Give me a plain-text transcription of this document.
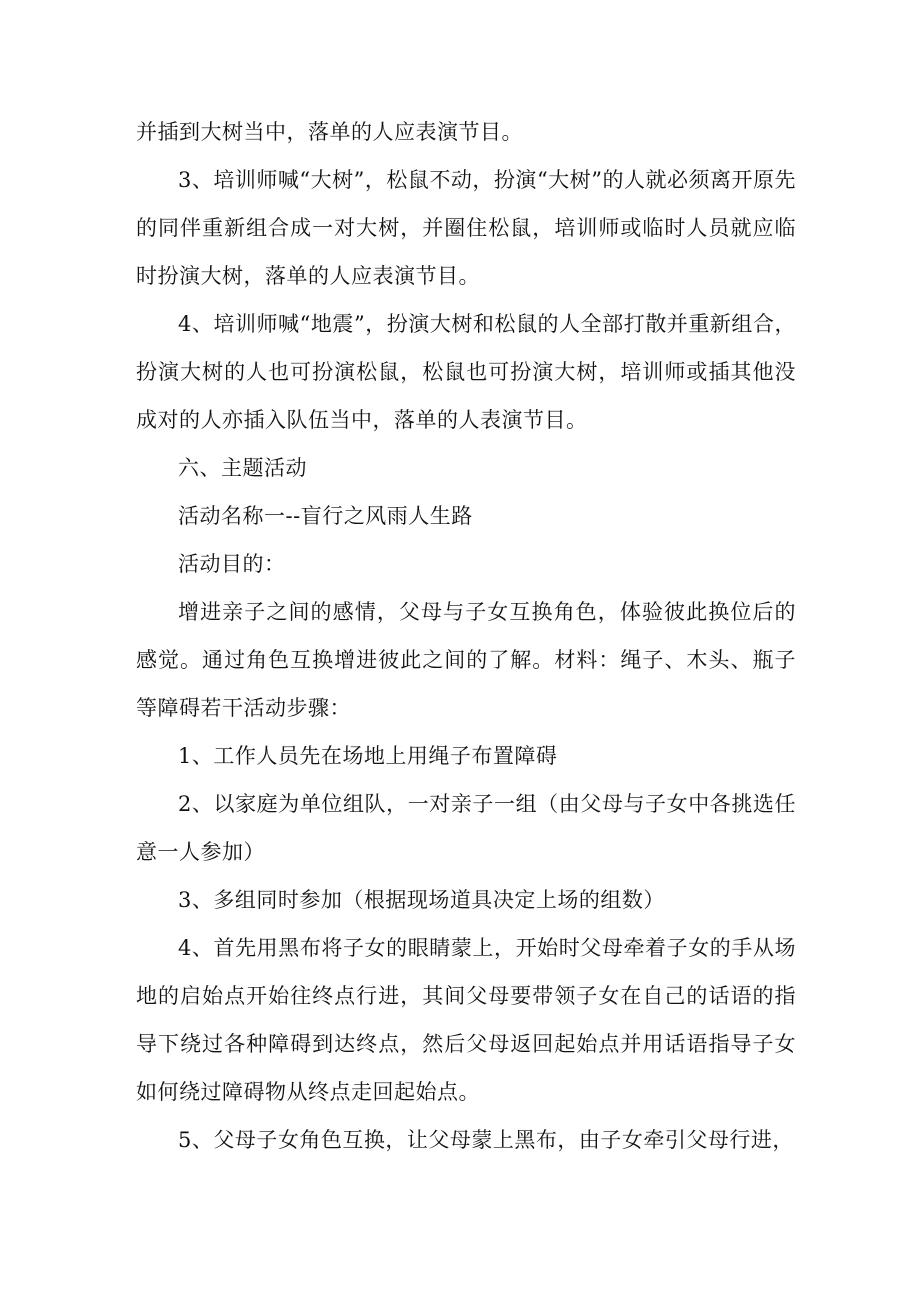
并插到大树当中，落单的人应表演节目。

3、培训师喊“大树”，松鼠不动，扮演“大树”的人就必须离开原先的同伴重新组合成一对大树，并圈住松鼠，培训师或临时人员就应临时扮演大树，落单的人应表演节目。

4、培训师喊“地震”，扮演大树和松鼠的人全部打散并重新组合，扮演大树的人也可扮演松鼠，松鼠也可扮演大树，培训师或插其他没成对的人亦插入队伍当中，落单的人表演节目。

六、主题活动

活动名称一--盲行之风雨人生路

活动目的：

增进亲子之间的感情，父母与子女互换角色，体验彼此换位后的感觉。通过角色互换增进彼此之间的了解。材料：绳子、木头、瓶子等障碍若干活动步骤：

1、工作人员先在场地上用绳子布置障碍

2、以家庭为单位组队，一对亲子一组（由父母与子女中各挑选任意一人参加）

3、多组同时参加（根据现场道具决定上场的组数）

4、首先用黑布将子女的眼睛蒙上，开始时父母牵着子女的手从场地的启始点开始往终点行进，其间父母要带领子女在自己的话语的指导下绕过各种障碍到达终点，然后父母返回起始点并用话语指导子女如何绕过障碍物从终点走回起始点。

5、父母子女角色互换，让父母蒙上黑布，由子女牵引父母行进，
